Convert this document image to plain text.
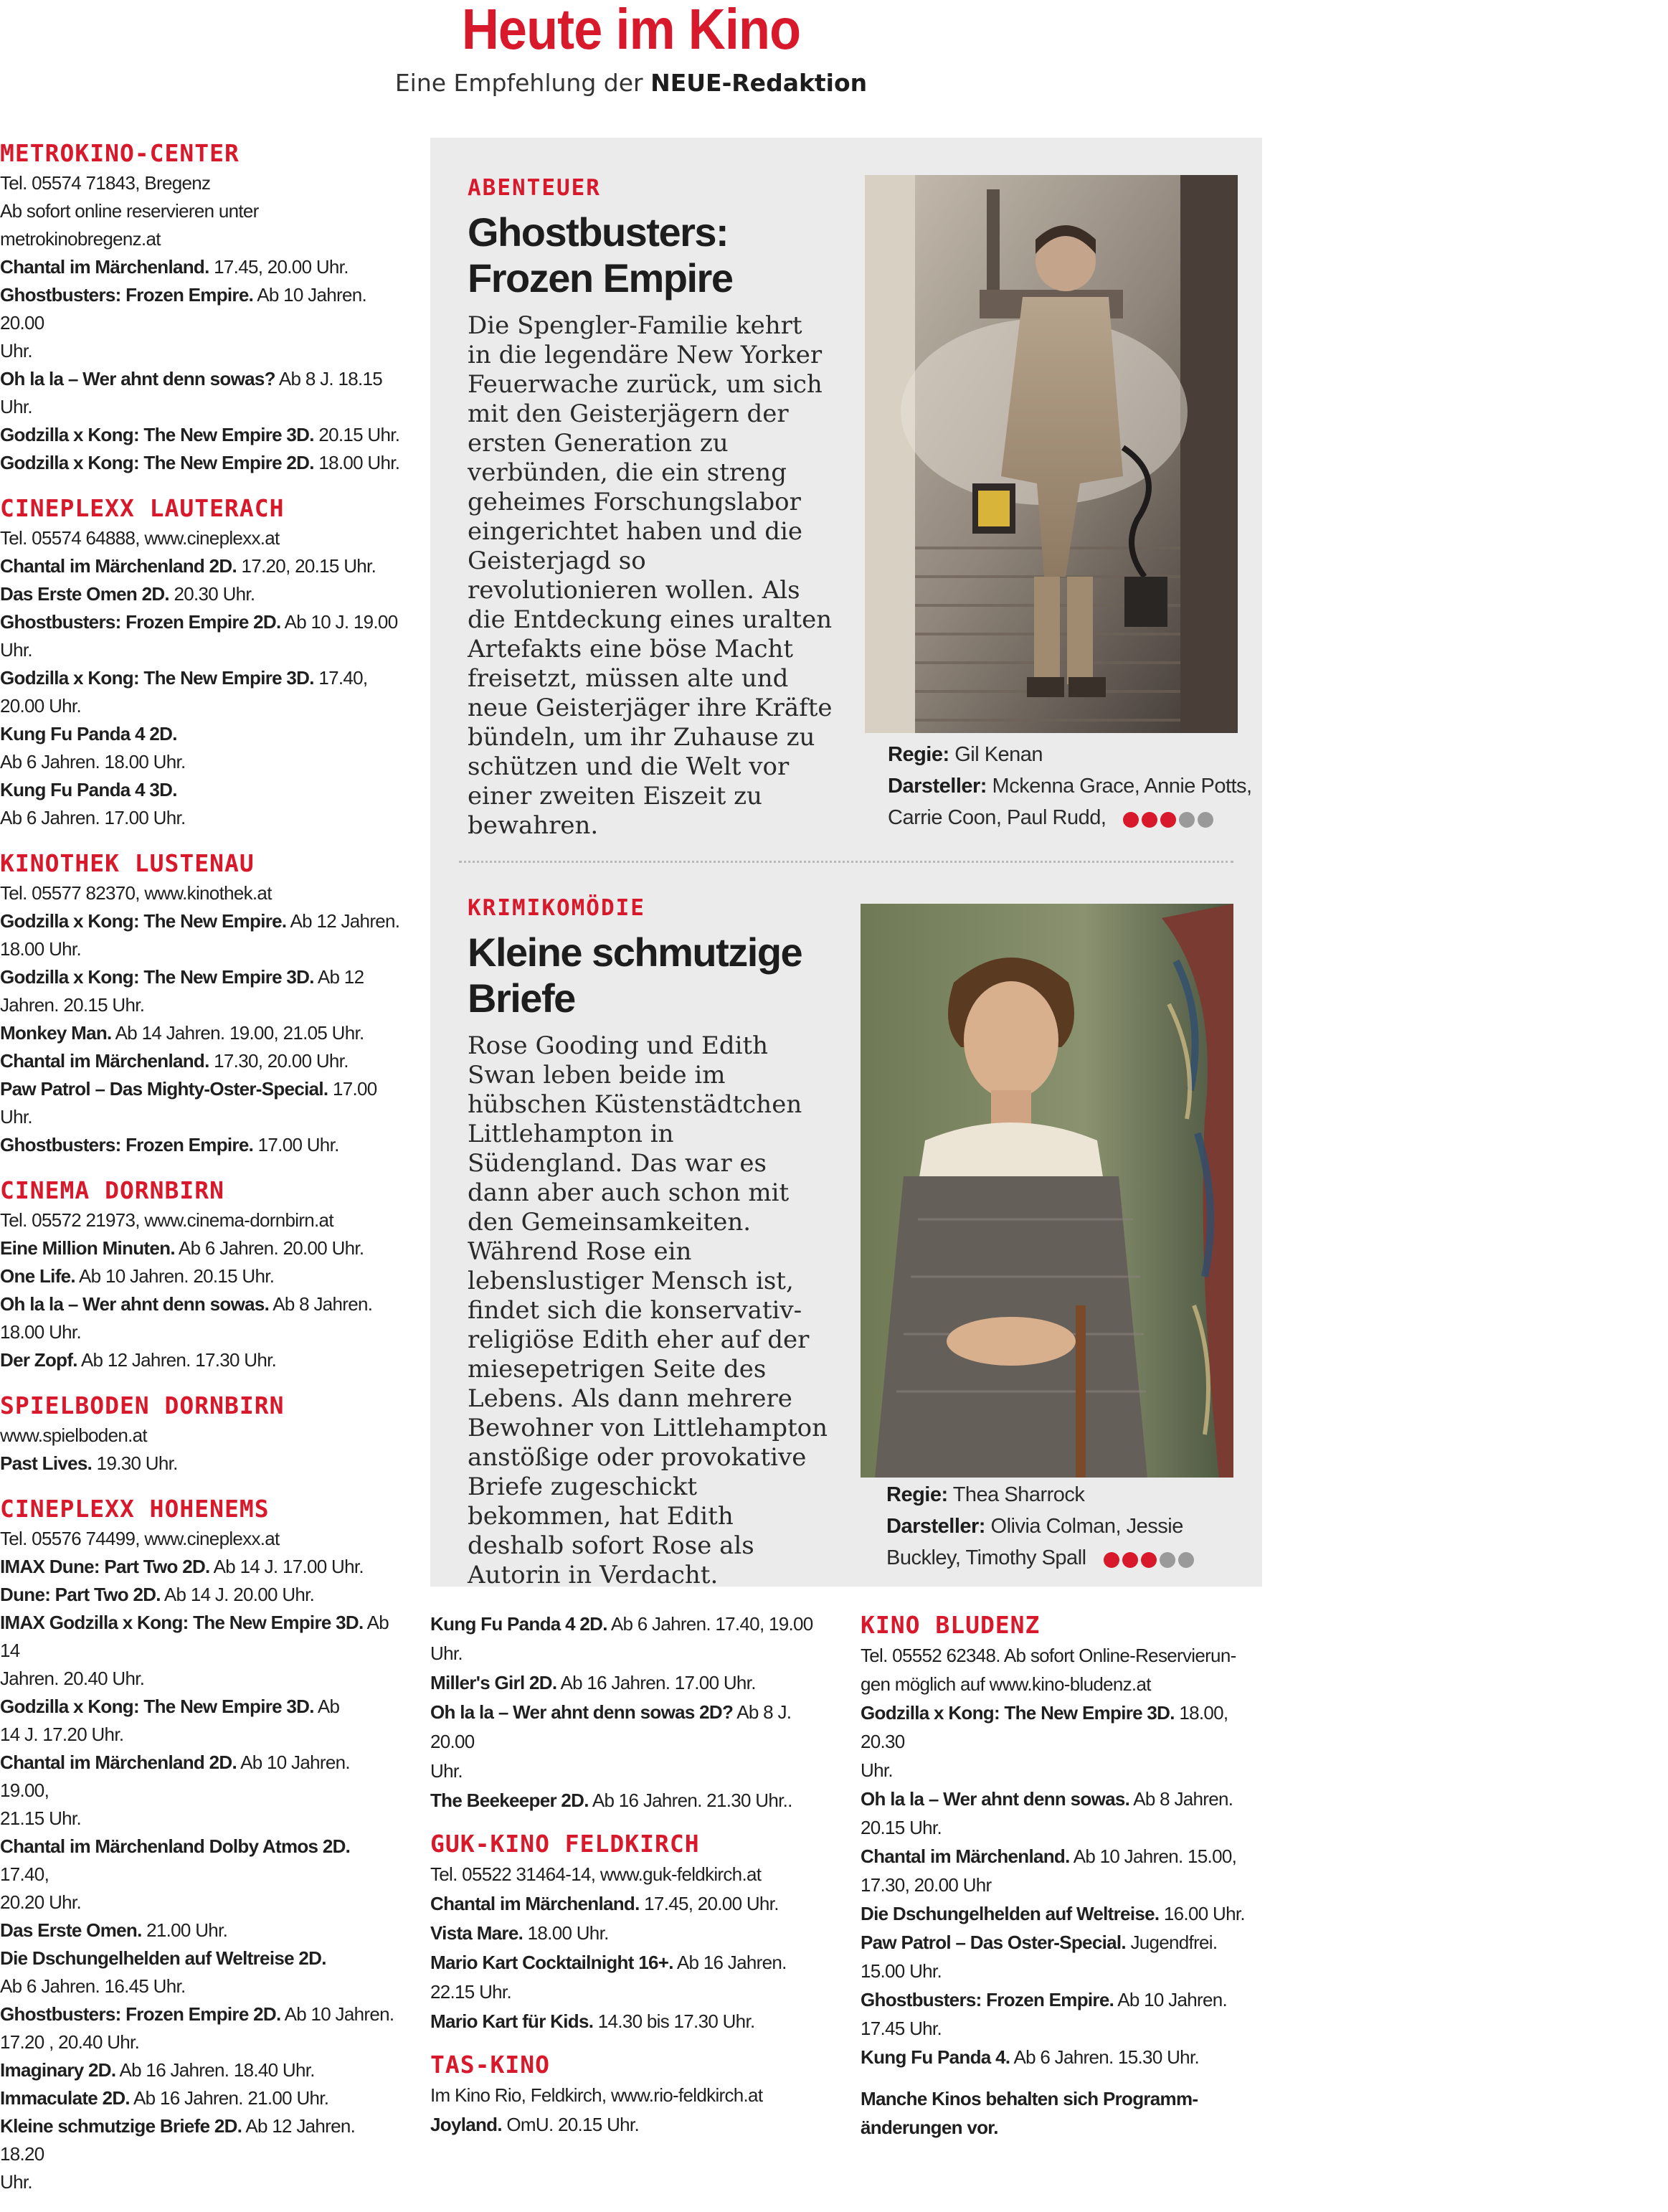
Heute im Kino
Eine Empfehlung der NEUE-Redaktion
METROKINO-CENTER
Tel. 05574 71843, Bregenz
Ab sofort online reservieren unter
metrokinobregenz.at
Chantal im Märchenland. 17.45, 20.00 Uhr.
Ghostbusters: Frozen Empire. Ab 10 Jahren. 20.00
Uhr.
Oh la la – Wer ahnt denn sowas? Ab 8 J. 18.15 Uhr.
Godzilla x Kong: The New Empire 3D. 20.15 Uhr.
Godzilla x Kong: The New Empire 2D. 18.00 Uhr.
CINEPLEXX LAUTERACH
Tel. 05574 64888, www.cineplexx.at
Chantal im Märchenland 2D. 17.20, 20.15 Uhr.
Das Erste Omen 2D. 20.30 Uhr.
Ghostbusters: Frozen Empire 2D. Ab 10 J. 19.00
Uhr.
Godzilla x Kong: The New Empire 3D. 17.40,
20.00 Uhr.
Kung Fu Panda 4 2D.
Ab 6 Jahren. 18.00 Uhr.
Kung Fu Panda 4 3D.
Ab 6 Jahren. 17.00 Uhr.
KINOTHEK LUSTENAU
Tel. 05577 82370, www.kinothek.at
Godzilla x Kong: The New Empire. Ab 12 Jahren.
18.00 Uhr.
Godzilla x Kong: The New Empire 3D. Ab 12
Jahren. 20.15 Uhr.
Monkey Man. Ab 14 Jahren. 19.00, 21.05 Uhr.
Chantal im Märchenland. 17.30, 20.00 Uhr.
Paw Patrol – Das Mighty-Oster-Special. 17.00
Uhr.
Ghostbusters: Frozen Empire. 17.00 Uhr.
CINEMA DORNBIRN
Tel. 05572 21973, www.cinema-dornbirn.at
Eine Million Minuten. Ab 6 Jahren. 20.00 Uhr.
One Life. Ab 10 Jahren. 20.15 Uhr.
Oh la la – Wer ahnt denn sowas. Ab 8 Jahren.
18.00 Uhr.
Der Zopf. Ab 12 Jahren. 17.30 Uhr.
SPIELBODEN DORNBIRN
www.spielboden.at
Past Lives. 19.30 Uhr.
CINEPLEXX HOHENEMS
Tel. 05576 74499, www.cineplexx.at
IMAX Dune: Part Two 2D. Ab 14 J. 17.00 Uhr.
Dune: Part Two 2D. Ab 14 J. 20.00 Uhr.
IMAX Godzilla x Kong: The New Empire 3D. Ab 14
Jahren. 20.40 Uhr.
Godzilla x Kong: The New Empire 3D. Ab
14 J. 17.20 Uhr.
Chantal im Märchenland 2D. Ab 10 Jahren. 19.00,
21.15 Uhr.
Chantal im Märchenland Dolby Atmos 2D. 17.40,
20.20 Uhr.
Das Erste Omen. 21.00 Uhr.
Die Dschungelhelden auf Weltreise 2D.
Ab 6 Jahren. 16.45 Uhr.
Ghostbusters: Frozen Empire 2D. Ab 10 Jahren.
17.20 , 20.40 Uhr.
Imaginary 2D. Ab 16 Jahren. 18.40 Uhr.
Immaculate 2D. Ab 16 Jahren. 21.00 Uhr.
Kleine schmutzige Briefe 2D. Ab 12 Jahren. 18.20
Uhr.
ABENTEUER
Ghostbusters:
Frozen Empire
Die Spengler-Familie kehrt in die legendäre New Yorker Feuerwache zurück, um sich mit den Geisterjägern der ersten Generation zu verbünden, die ein streng geheimes Forschungslabor eingerichtet haben und die Geisterjagd so revolutionieren wollen. Als die Entdeckung eines uralten Artefakts eine böse Macht freisetzt, müssen alte und neue Geisterjäger ihre Kräfte bündeln, um ihr Zuhause zu schützen und die Welt vor einer zweiten Eiszeit zu bewahren.
Regie: Gil Kenan
Darsteller: Mckenna Grace, Annie Potts,
Carrie Coon, Paul Rudd,
KRIMIKOMÖDIE
Kleine schmutzige
Briefe
Rose Gooding und Edith Swan leben beide im hübschen Küstenstädtchen Littlehampton in Südengland. Das war es dann aber auch schon mit den Gemeinsamkeiten. Während Rose ein lebenslustiger Mensch ist, findet sich die konservativ-religiöse Edith eher auf der miesepetrigen Seite des Lebens. Als dann mehrere Bewohner von Littlehampton anstößige oder provokative Briefe zugeschickt bekommen, hat Edith deshalb sofort Rose als Autorin in Verdacht.
Regie: Thea Sharrock
Darsteller: Olivia Colman, Jessie
Buckley, Timothy Spall
Kung Fu Panda 4 2D. Ab 6 Jahren. 17.40, 19.00 Uhr.
Miller's Girl 2D. Ab 16 Jahren. 17.00 Uhr.
Oh la la – Wer ahnt denn sowas 2D? Ab 8 J. 20.00
Uhr.
The Beekeeper 2D. Ab 16 Jahren. 21.30 Uhr..
GUK-KINO FELDKIRCH
Tel. 05522 31464-14, www.guk-feldkirch.at
Chantal im Märchenland. 17.45, 20.00 Uhr.
Vista Mare. 18.00 Uhr.
Mario Kart Cocktailnight 16+. Ab 16 Jahren.
22.15 Uhr.
Mario Kart für Kids. 14.30 bis 17.30 Uhr.
TAS-KINO
Im Kino Rio, Feldkirch, www.rio-feldkirch.at
Joyland. OmU. 20.15 Uhr.
KINO BLUDENZ
Tel. 05552 62348. Ab sofort Online-Reservierun-
gen möglich auf www.kino-bludenz.at
Godzilla x Kong: The New Empire 3D. 18.00, 20.30
Uhr.
Oh la la – Wer ahnt denn sowas. Ab 8 Jahren.
20.15 Uhr.
Chantal im Märchenland. Ab 10 Jahren. 15.00,
17.30, 20.00 Uhr
Die Dschungelhelden auf Weltreise. 16.00 Uhr.
Paw Patrol – Das Oster-Special. Jugendfrei.
15.00 Uhr.
Ghostbusters: Frozen Empire. Ab 10 Jahren.
17.45 Uhr.
Kung Fu Panda 4. Ab 6 Jahren. 15.30 Uhr.
Manche Kinos behalten sich Programm-
änderungen vor.
